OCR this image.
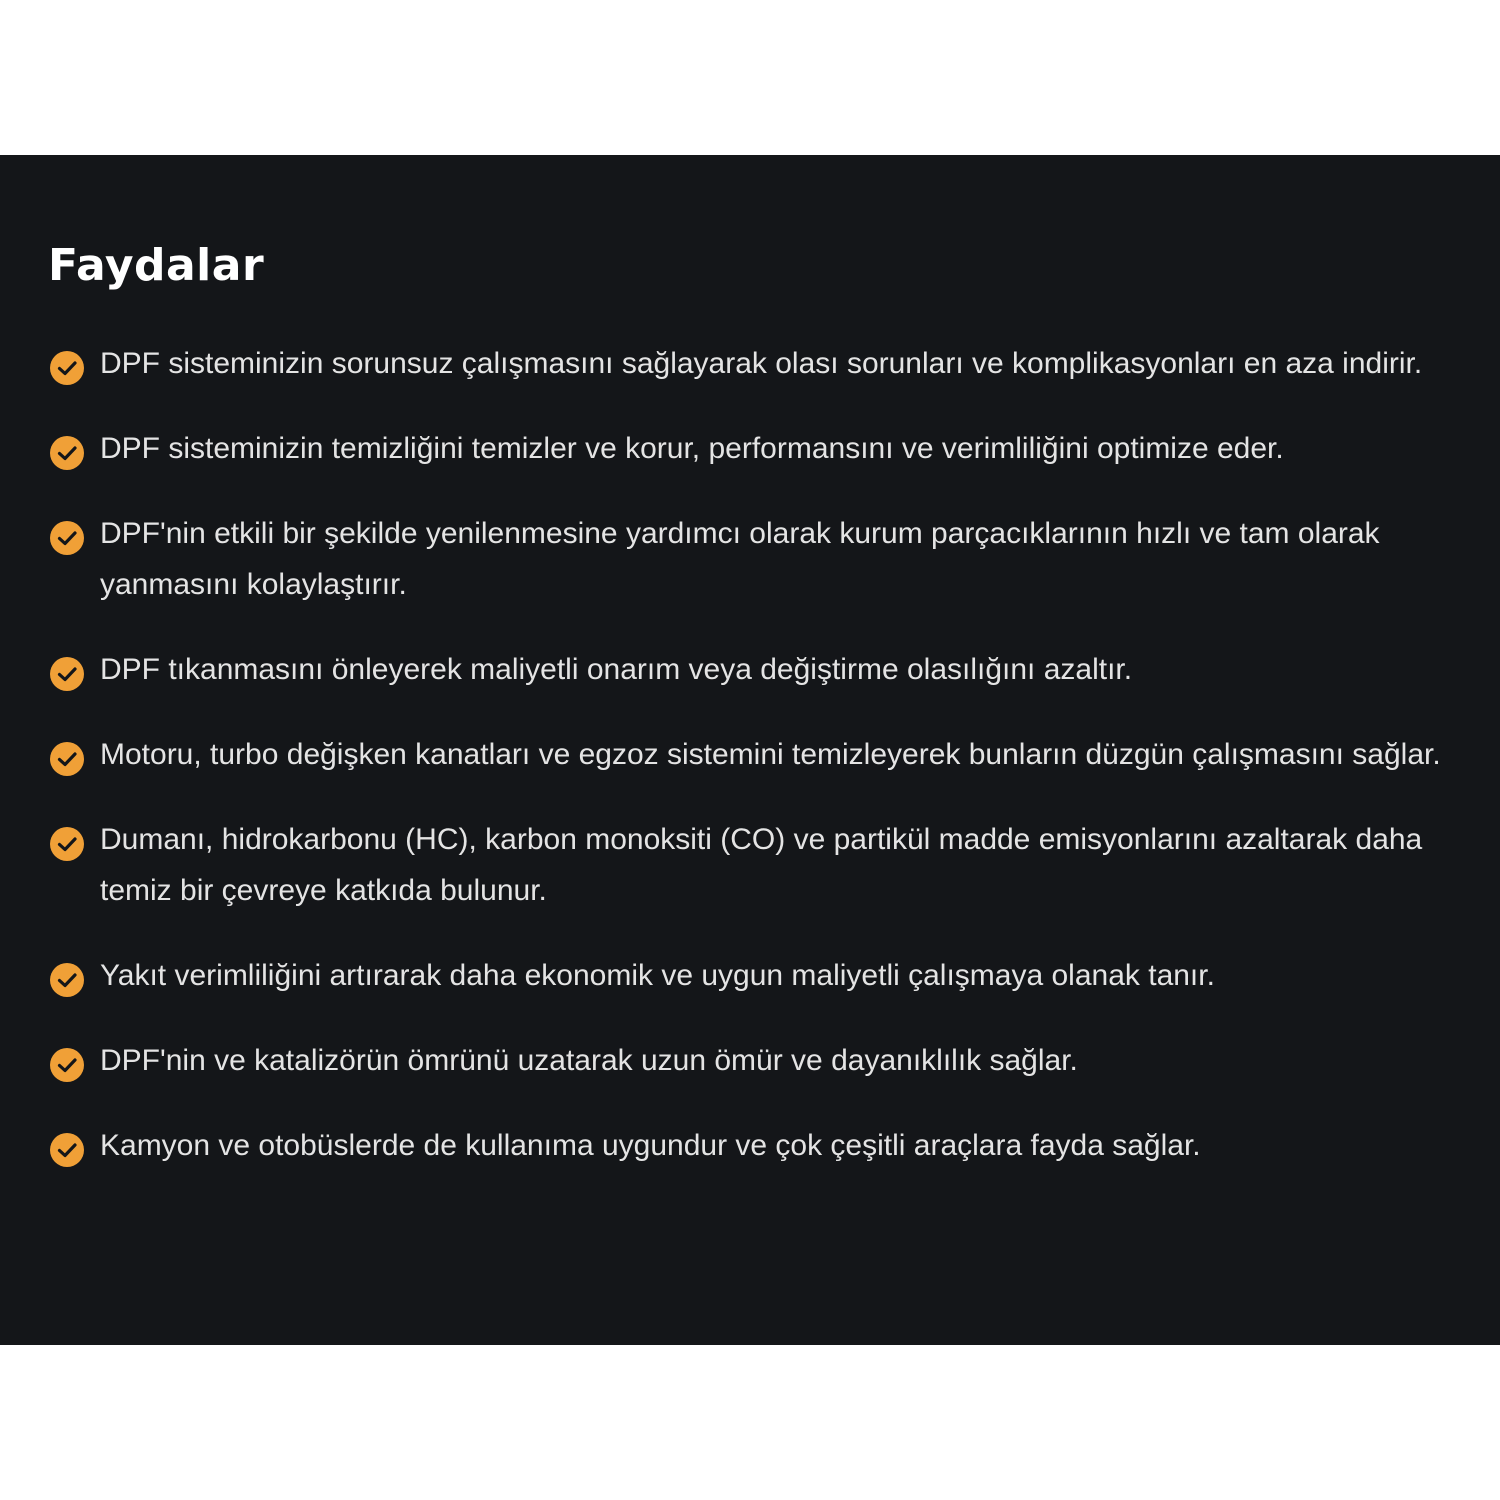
Faydalar
DPF sisteminizin sorunsuz çalışmasını sağlayarak olası sorunları ve komplikasyonları en aza indirir.
DPF sisteminizin temizliğini temizler ve korur, performansını ve verimliliğini optimize eder.
DPF'nin etkili bir şekilde yenilenmesine yardımcı olarak kurum parçacıklarının hızlı ve tam olarak yanmasını kolaylaştırır.
DPF tıkanmasını önleyerek maliyetli onarım veya değiştirme olasılığını azaltır.
Motoru, turbo değişken kanatları ve egzoz sistemini temizleyerek bunların düzgün çalışmasını sağlar.
Dumanı, hidrokarbonu (HC), karbon monoksiti (CO) ve partikül madde emisyonlarını azaltarak daha temiz bir çevreye katkıda bulunur.
Yakıt verimliliğini artırarak daha ekonomik ve uygun maliyetli çalışmaya olanak tanır.
DPF'nin ve katalizörün ömrünü uzatarak uzun ömür ve dayanıklılık sağlar.
Kamyon ve otobüslerde de kullanıma uygundur ve çok çeşitli araçlara fayda sağlar.
